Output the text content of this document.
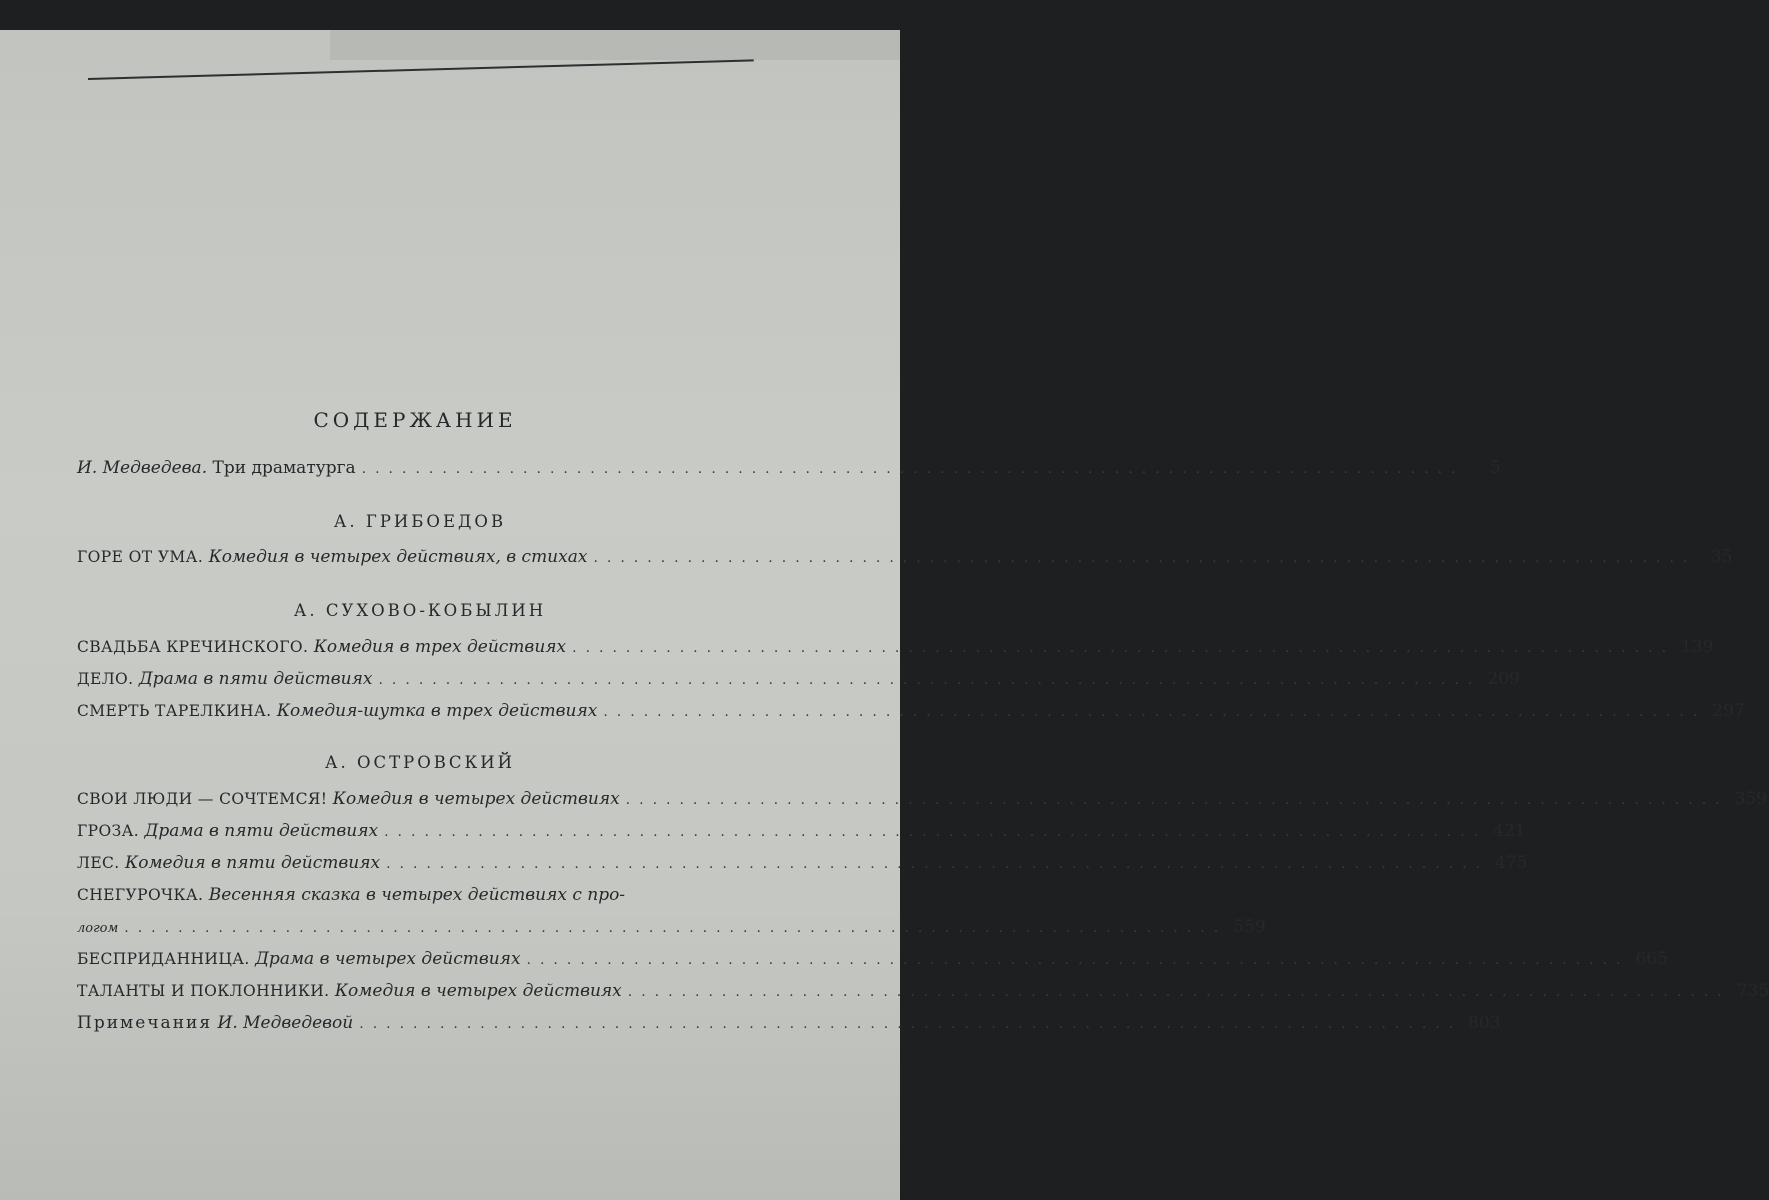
СОДЕРЖАНИЕ
И. Медведева.
Три драматурга ..................................................................................	5
А. ГРИБОЕДОВ
ГОРЕ ОТ УМА.
Комедия в четырех действиях, в стихах .................................................................................. 35
А. СУХОВО-КОБЫЛИН
СВАДЬБА КРЕЧИНСКОГО.
Комедия в трех действиях .................................................................................. 139
ДЕЛО.
Драма в пяти действиях .................................................................................. 209
СМЕРТЬ ТАРЕЛКИНА.
Комедия-шутка в трех действиях .................................................................................. 297
А. ОСТРОВСКИЙ
СВОИ ЛЮДИ — СОЧТЕМСЯ!
Комедия в четырех действиях .................................................................................. 359
ГРОЗА.
Драма в пяти действиях .................................................................................. 421
ЛЕС.
Комедия в пяти действиях .................................................................................. 475
СНЕГУРОЧКА.
Весенняя сказка в четырех действиях с про-
логом .................................................................................. 559
БЕСПРИДАННИЦА.
Драма в четырех действиях .................................................................................. 665
ТАЛАНТЫ И ПОКЛОННИКИ.
Комедия в четырех действиях .................................................................................. 735
Примечания
И. Медведевой .................................................................................. 803
